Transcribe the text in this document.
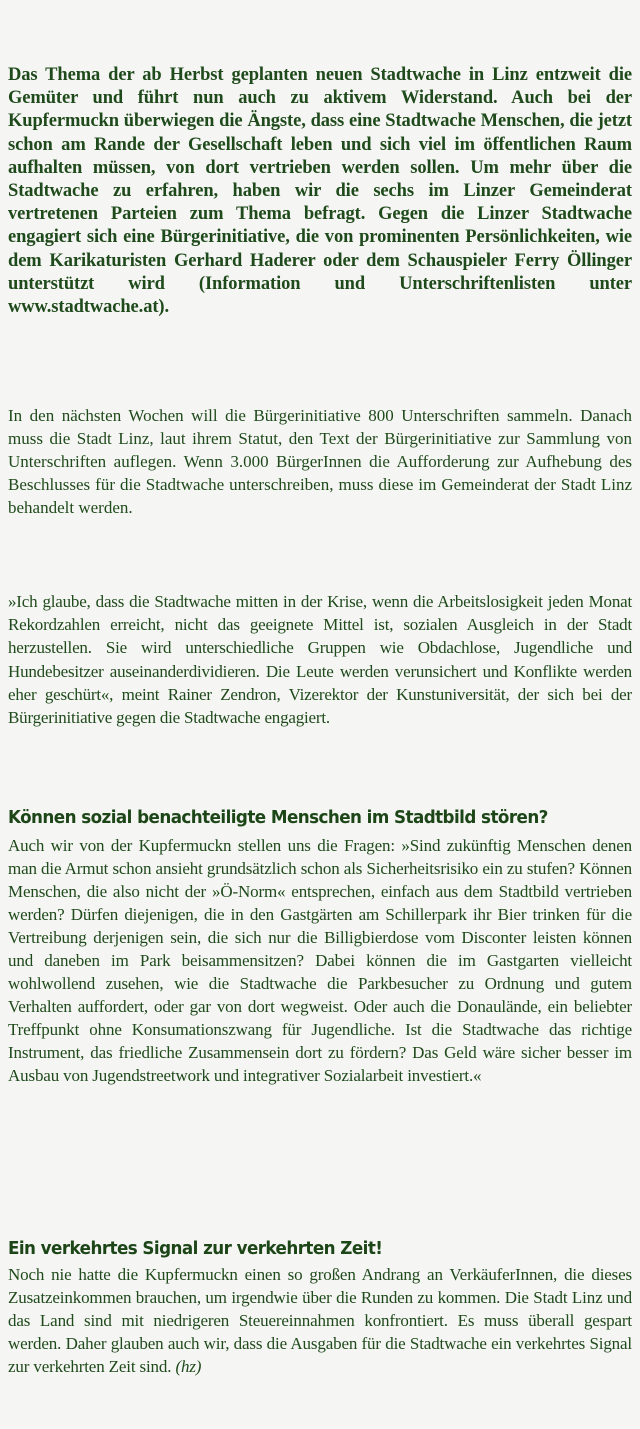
Das Thema der ab Herbst geplanten neuen Stadtwache in Linz entzweit die Gemüter und führt nun auch zu aktivem Widerstand. Auch bei der Kupfermuckn überwiegen die Ängste, dass eine Stadtwache Menschen, die jetzt schon am Rande der Gesellschaft leben und sich viel im öffentlichen Raum aufhalten müssen, von dort vertrieben werden sollen. Um mehr über die Stadtwache zu erfahren, haben wir die sechs im Linzer Gemeinderat vertretenen Parteien zum Thema befragt. Gegen die Linzer Stadtwache engagiert sich eine Bürgerinitiative, die von prominenten Persönlichkeiten, wie dem Karikaturisten Gerhard Haderer oder dem Schauspieler Ferry Öllinger unterstützt wird (Information und Unterschriftenlisten unter www.stadtwache.at).

In den nächsten Wochen will die Bürgerinitiative 800 Unterschriften sammeln. Danach muss die Stadt Linz, laut ihrem Statut, den Text der Bürgerinitiative zur Sammlung von Unterschriften auflegen. Wenn 3.000 BürgerInnen die Aufforderung zur Aufhebung des Beschlusses für die Stadtwache unterschreiben, muss diese im Gemeinderat der Stadt Linz behandelt werden.

»Ich glaube, dass die Stadtwache mitten in der Krise, wenn die Arbeitslosigkeit jeden Monat Rekordzahlen erreicht, nicht das geeignete Mittel ist, sozialen Ausgleich in der Stadt herzustellen. Sie wird unterschiedliche Gruppen wie Obdachlose, Jugendliche und Hundebesitzer auseinanderdividieren. Die Leute werden verunsichert und Konflikte werden eher geschürt«, meint Rainer Zendron, Vizerektor der Kunstuniversität, der sich bei der Bürgerinitiative gegen die Stadtwache engagiert.

Können sozial benachteiligte Menschen im Stadtbild stören?

Auch wir von der Kupfermuckn stellen uns die Fragen: »Sind zukünftig Menschen denen man die Armut schon ansieht grundsätzlich schon als Sicherheitsrisiko ein zu stufen? Können Menschen, die also nicht der »Ö-Norm« entsprechen, einfach aus dem Stadtbild vertrieben werden? Dürfen diejenigen, die in den Gastgärten am Schillerpark ihr Bier trinken für die Vertreibung derjenigen sein, die sich nur die Billigbierdose vom Disconter leisten können und daneben im Park beisammensitzen? Dabei können die im Gastgarten vielleicht wohlwollend zusehen, wie die Stadtwache die Parkbesucher zu Ordnung und gutem Verhalten auffordert, oder gar von dort wegweist. Oder auch die Donaulände, ein beliebter Treffpunkt ohne Konsumationszwang für Jugendliche. Ist die Stadtwache das richtige Instrument, das friedliche Zusammensein dort zu fördern? Das Geld wäre sicher besser im Ausbau von Jugendstreetwork und integrativer Sozialarbeit investiert.«

Ein verkehrtes Signal zur verkehrten Zeit!

Noch nie hatte die Kupfermuckn einen so großen Andrang an VerkäuferInnen, die dieses Zusatzeinkommen brauchen, um irgendwie über die Runden zu kommen. Die Stadt Linz und das Land sind mit niedrigeren Steuereinnahmen konfrontiert. Es muss überall gespart werden. Daher glauben auch wir, dass die Ausgaben für die Stadtwache ein verkehrtes Signal zur verkehrten Zeit sind. (hz)
